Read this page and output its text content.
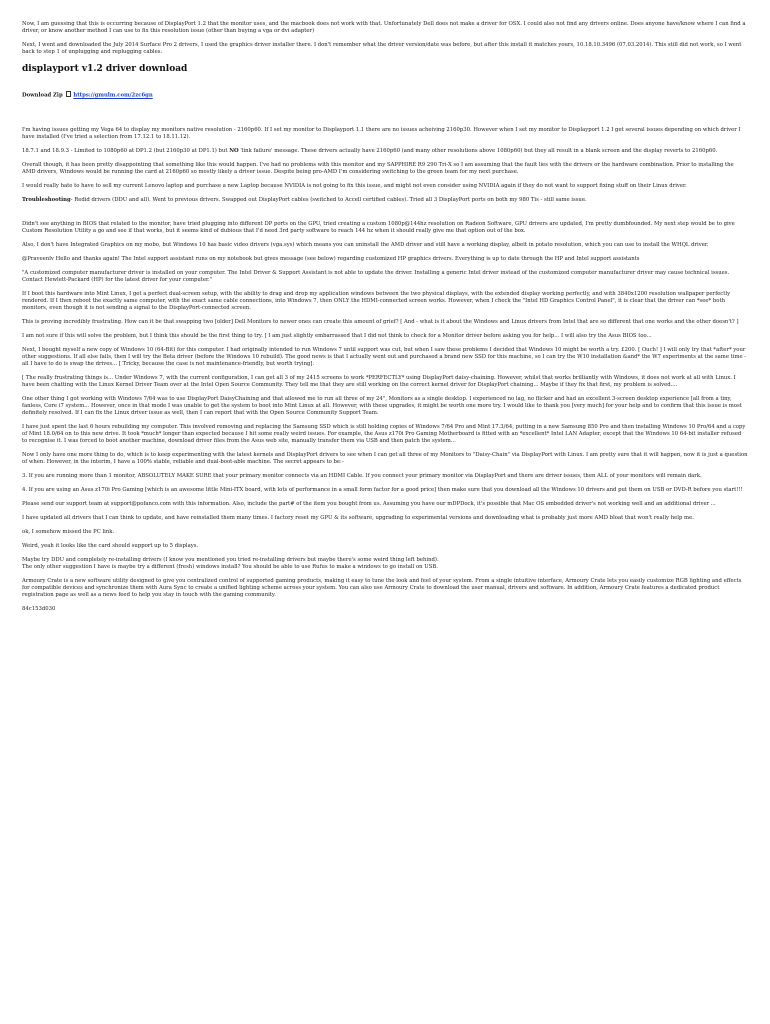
Now, I am guessing that this is occurring because of DisplayPort 1.2 that the monitor uses, and the macbook does not work with that. Unfortunately Dell does not make a driver for OSX. I could also not find any drivers online. Does anyone have/know where I can find a driver, or know another method I can use to fix this resolution issue (other than buying a vga or dvi adapter)

Next, I went and downloaded the July 2014 Surface Pro 2 drivers, I used the graphics driver installer there. I don't remember what the driver version/date was before, but after this install it matches yours, 10.18.10.3496 (07.03.2014). This still did not work, so I went back to step 1 of unplugging and replugging cables.

displayport v1.2 driver download
Download Zip https://gmulm.com/2zc6gn

I'm having issues getting my Vega 64 to display my monitors native resolution - 2160p60. If I set my monitor to Displayport 1.1 there are no issues acheiving 2160p30. However when I set my monitor to Displayport 1.2 I get several issues depending on which driver I have installed (I've tried a selection from 17.12.1 to 18.11.12).

18.7.1 and 18.9.3 - Limited to 1080p60 at DP1.2 (but 2160p30 at DP1.1) but NO 'link failure' message. These drivers actually have 2160p60 (and many other resolutions above 1080p60) but they all result in a blank screen and the display reverts to 2160p60.

Overall though, it has been pretty disappointing that something like this would happen. I've had no problems with this monitor and my SAPPHIRE R9 290 Tri-X so I am assuming that the fault lies with the drivers or the hardware combination. Prior to installing the AMD drivers, Windows would be running the card at 2160p60 so mostly likely a driver issue. Despite being pro-AMD I'm considering switching to the green team for my next purchase.

I would really hate to have to sell my current Lenovo laptop and purchase a new Laptop because NVIDIA is not going to fix this issue, and might not even consider using NVIDIA again if they do not want to support fixing stuff on their Linux driver.

Troubleshooting- Redid drivers (DDU and all). Went to previous drivers. Swapped out DisplayPort cables (switched to Accell certified cables). Tried all 3 DisplayPort ports on both my 980 Tis - still same issue.

Didn't see anything in BIOS that related to the monitor, have tried plugging into different DP ports on the GPU, tried creating a custom 1080p@144hz resolution on Radeon Software, GPU drivers are updated, I'm pretty dumbfounded. My next step would be to give Custom Resolution Utility a go and see if that works, but it seems kind of dubious that I'd need 3rd party software to reach 144 hz when it should really give me that option out of the box.

Also, I don't have Integrated Graphics on my mobo, but Windows 10 has basic video drivers (vga.sys) which means you can uninstall the AMD driver and still have a working display, albeit in potato resolution, which you can use to install the WHQL driver.

@Praveenlv Hello and thanks again! The Intel support assistant runs on my notebook but gives message (see below) regarding customized HP graphics drivers. Everything is up to date through the HP and Intel support assistants

"A customized computer manufacturer driver is installed on your computer. The Intel Driver & Support Assistant is not able to update the driver. Installing a generic Intel driver instead of the customized computer manufacturer driver may cause technical issues. Contact Hewlett-Packard (HP) for the latest driver for your computer."

If I boot this hardware into Mint Linux, I get a perfect dual-screen setup, with the ability to drag and drop my application windows between the two physical displays, with the extended display working perfectly, and with 3840x1200 resolution wallpaper perfectly rendered. If I then reboot the exactly same computer, with the exact same cable connections, into Windows 7, then ONLY the HDMI-connected screen works. However, when I check the "Intel HD Graphics Control Panel", it is clear that the driver can *see* both monitors, even though it is not sending a signal to the DisplayPort-connected screen.

This is proving incredibly frustrating. How can it be that swapping two [older] Dell Monitors to newer ones can create this amount of grief? [ And - what is it about the Windows and Linux drivers from Intel that are so different that one works and the other doesn't? ]

I am not sure if this will solve the problem, but I think this should be the first thing to try. [ I am just slightly embarrassed that I did not think to check for a Monitor driver before asking you for help... I will also try the Asus BIOS too...

Next, I bought myself a new copy of Windows 10 (64-Bit) for this computer. I had originally intended to run Windows 7 until support was cut, but when I saw these problems I decided that Windows 10 might be worth a try. £200. [ Ouch! ] I will only try that *after* your other suggestions. If all else fails, then I will try the Beta driver (before the Windows 10 rebuild). The good news is that I actually went out and purchased a brand new SSD for this machine, so I can try the W10 installation &and* the W7 experiments at the same time - all I have to do is swap the drives... [ Tricky, because the case is not maintenance-friendly, but worth trying].

[ The really frustrating things is... Under Windows 7, with the current configuration, I can get all 3 of my 2415 screens to work *PERFECTLY* using DisplayPort daisy-chaining. However, whilst that works brilliantly with Windows, it does not work at all with Linux. I have been chatting with the Linux Kernel Driver Team over at the Intel Open Source Community. They tell me that they are still working on the correct kernel driver for DisplayPort chaining... Maybe if they fix that first, my problem is solved....

One other thing I got working with Windows 7/64 was to use DisplayPort DaisyChaining and that allowed me to run all three of my 24", Monitors as a single desktop. I experienced no lag, no flicker and had an excellent 3-screen desktop experience [all from a tiny, fanless, Core i7 system... However, once in that mode I was unable to get the system to boot into Mint Linux at all. However, with these upgrades, it might be worth one more try. I would like to thank you [very much] for your help and to confirm that this issue is most definitely resolved. If I can fix the Linux driver issue as well, then I can report that with the Open Source Community Support Team.

I have just spent the last 6 hours rebuilding my computer. This involved removing and replacing the Samsung SSD which is still holding copies of Windows 7/64 Pro and Mint 17.3/64, putting in a new Samsung 850 Pro and then installing Windows 10 Pro/64 and a copy of Mint 18.0/64 on to this new drive. It took *much* longer than expected because I hit some really weird issues. For example, the Asus z170i Pro Gaming Motherboard is fitted with an *excellent* Intel LAN Adapter, except that the Windows 10 64-bit installer refused to recognise it. I was forced to boot another machine, download driver files from the Asus web site, manually transfer them via USB and then patch the system...

Now I only have one more thing to do, which is to keep experimenting with the latest kernels and DisplayPort drivers to see when I can get all three of my Monitors to "Daisy-Chain" via DisplayPort with Linux. I am pretty sure that it will happen, now it is just a question of when. However, in the interim, I have a 100% stable, reliable and dual-boot-able machine. The secret appears to be:-

3. If you are running more than 1 monitor, ABSOLUTELY MAKE SURE that your primary monitor connects via an HDMI Cable. If you connect your primary monitor via DisplayPort and there are driver issues, then ALL of your monitors will remain dark.

4. If you are using an Asus z170i Pro Gaming [which is an awesome little Mini-ITX board, with lots of performance in a small form factor for a good price] then make sure that you download all the Windows 10 drivers and put them on USB or DVD-R before you start!!!

Please send our support team at support@pofanco.com with this information. Also, include the part# of the item you bought from us. Assuming you have our mDPDock, it's possible that Mac OS embedded driver's not working well and an additional driver ...

I have updated all drivers that I can think to update, and have reinstalled them many times. I factory reset my GPU & its software, upgrading to experimental versions and downloading what is probably just more AMD bloat that won't really help me.

ok, I somehow missed the PC link.

Weird, yeah it looks like the card should support up to 5 displays.

Maybe try DDU and completely re-installing drivers (I know you mentioned you tried re-installing drivers but maybe there's some weird thing left behind).

The only other suggestion I have is maybe try a different (fresh) windows install? You should be able to use Rufus to make a windows to go install on USB.

Armoury Crate is a new software utility designed to give you centralized control of supported gaming products, making it easy to tune the look and feel of your system. From a single intuitive interface, Armoury Crate lets you easily customize RGB lighting and effects for compatible devices and synchronize them with Aura Sync to create a unified lighting scheme across your system. You can also use Armoury Crate to download the user manual, drivers and software. In addition, Armoury Crate features a dedicated product registration page as well as a news feed to help you stay in touch with the gaming community.

84c153d030
